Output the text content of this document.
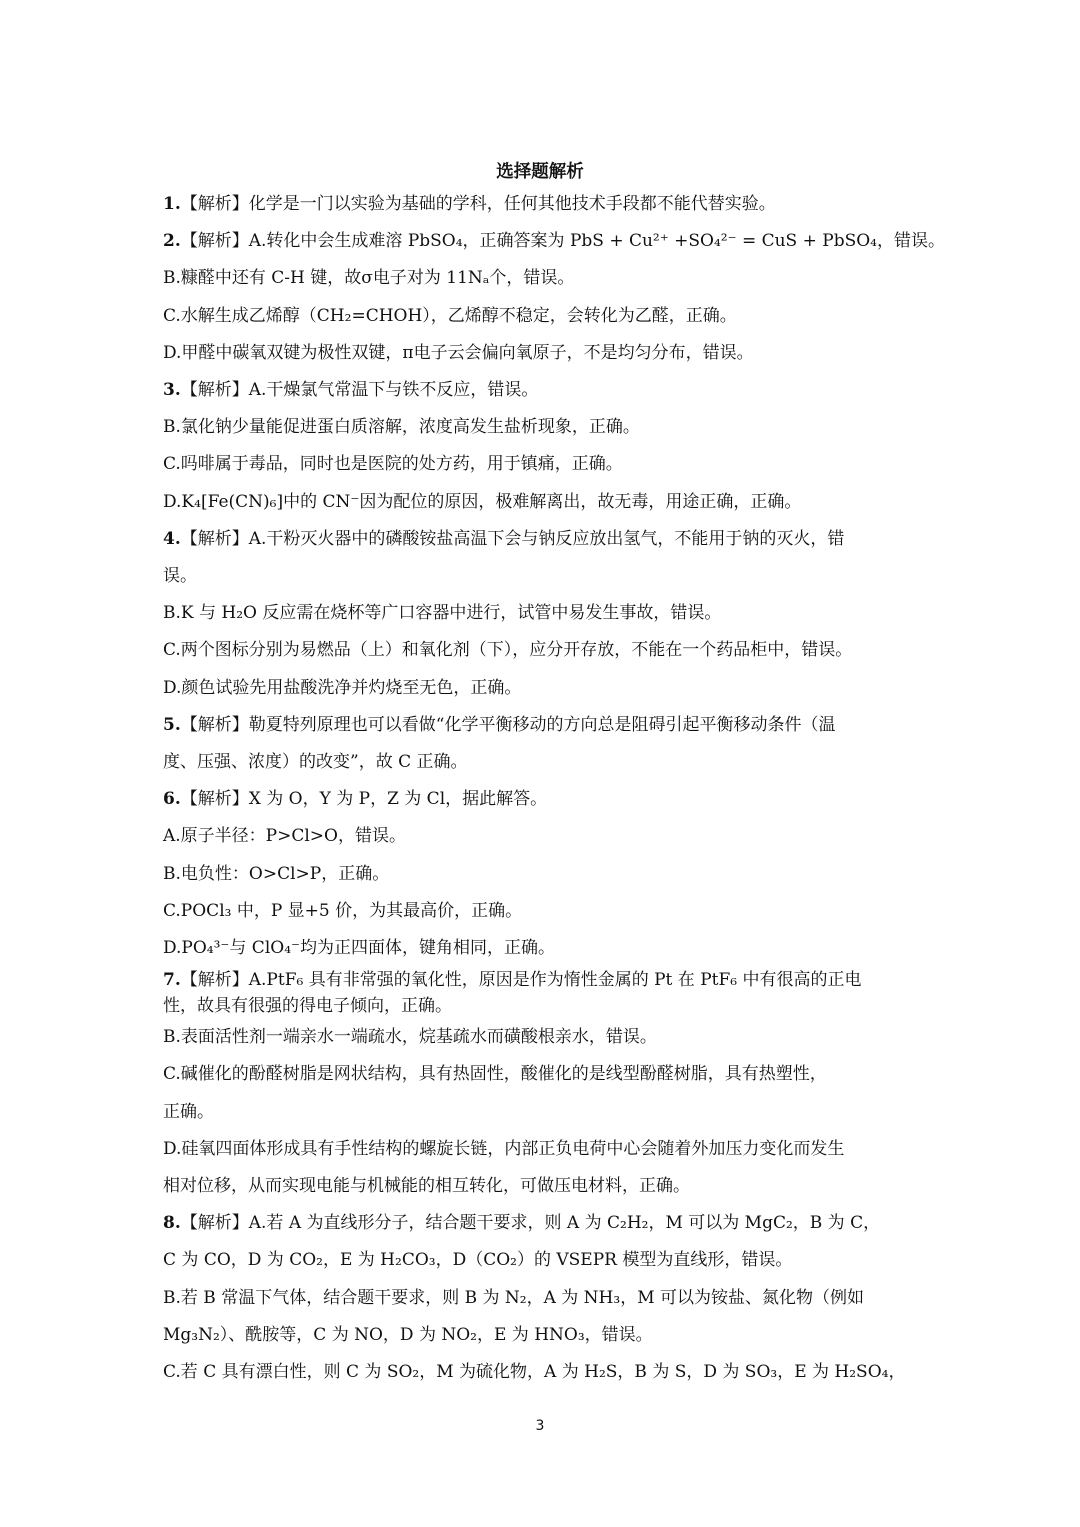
选择题解析
1.【解析】化学是一门以实验为基础的学科，任何其他技术手段都不能代替实验。
2.【解析】A.转化中会生成难溶 PbSO₄，正确答案为 PbS + Cu²⁺ +SO₄²⁻ = CuS + PbSO₄，错误。
B.糠醛中还有 C-H 键，故σ电子对为 11Nₐ个，错误。
C.水解生成乙烯醇（CH₂=CHOH），乙烯醇不稳定，会转化为乙醛，正确。
D.甲醛中碳氧双键为极性双键，π电子云会偏向氧原子，不是均匀分布，错误。
3.【解析】A.干燥氯气常温下与铁不反应，错误。
B.氯化钠少量能促进蛋白质溶解，浓度高发生盐析现象，正确。
C.吗啡属于毒品，同时也是医院的处方药，用于镇痛，正确。
D.K₄[Fe(CN)₆]中的 CN⁻因为配位的原因，极难解离出，故无毒，用途正确，正确。
4.【解析】A.干粉灭火器中的磷酸铵盐高温下会与钠反应放出氢气，不能用于钠的灭火，错
误。
B.K 与 H₂O 反应需在烧杯等广口容器中进行，试管中易发生事故，错误。
C.两个图标分别为易燃品（上）和氧化剂（下），应分开存放，不能在一个药品柜中，错误。
D.颜色试验先用盐酸洗净并灼烧至无色，正确。
5.【解析】勒夏特列原理也可以看做“化学平衡移动的方向总是阻碍引起平衡移动条件（温
度、压强、浓度）的改变”，故 C 正确。
6.【解析】X 为 O，Y 为 P，Z 为 Cl，据此解答。
A.原子半径：P>Cl>O，错误。
B.电负性：O>Cl>P，正确。
C.POCl₃ 中，P 显+5 价，为其最高价，正确。
D.PO₄³⁻与 ClO₄⁻均为正四面体，键角相同，正确。
7.【解析】A.PtF₆ 具有非常强的氧化性，原因是作为惰性金属的 Pt 在 PtF₆ 中有很高的正电
性，故具有很强的得电子倾向，正确。
B.表面活性剂一端亲水一端疏水，烷基疏水而磺酸根亲水，错误。
C.碱催化的酚醛树脂是网状结构，具有热固性，酸催化的是线型酚醛树脂，具有热塑性，
正确。
D.硅氧四面体形成具有手性结构的螺旋长链，内部正负电荷中心会随着外加压力变化而发生
相对位移，从而实现电能与机械能的相互转化，可做压电材料，正确。
8.【解析】A.若 A 为直线形分子，结合题干要求，则 A 为 C₂H₂，M 可以为 MgC₂，B 为 C，
C 为 CO，D 为 CO₂，E 为 H₂CO₃，D（CO₂）的 VSEPR 模型为直线形，错误。
B.若 B 常温下气体，结合题干要求，则 B 为 N₂，A 为 NH₃，M 可以为铵盐、氮化物（例如
Mg₃N₂）、酰胺等，C 为 NO，D 为 NO₂，E 为 HNO₃，错误。
C.若 C 具有漂白性，则 C 为 SO₂，M 为硫化物，A 为 H₂S，B 为 S，D 为 SO₃，E 为 H₂SO₄，
3
